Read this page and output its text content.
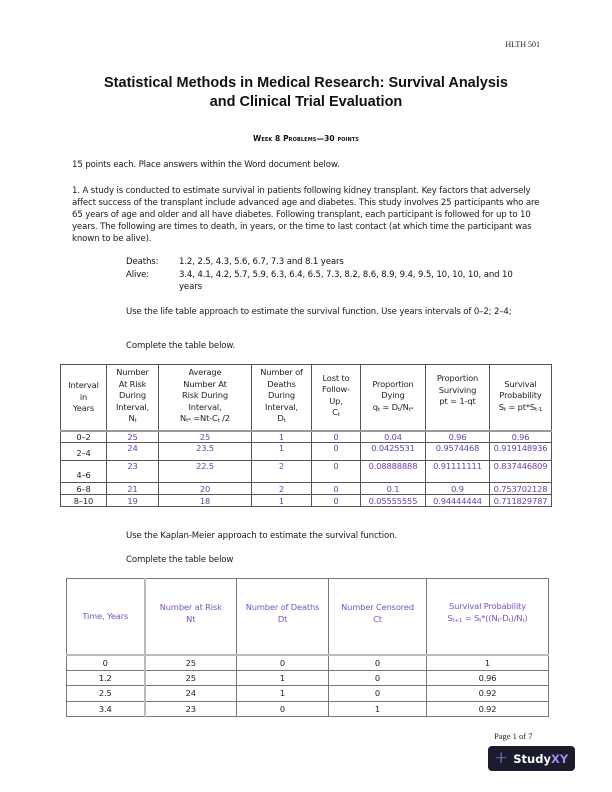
HLTH 501
Statistical Methods in Medical Research: Survival Analysis
and Clinical Trial Evaluation
Week 8 Problems—30 points
15 points each. Place answers within the Word document below.
1. A study is conducted to estimate survival in patients following kidney transplant. Key factors that adversely affect success of the transplant include advanced age and diabetes. This study involves 25 participants who are 65 years of age and older and all have diabetes. Following transplant, each participant is followed for up to 10 years. The following are times to death, in years, or the time to last contact (at which time the participant was known to be alive).
Deaths:	1.2, 2.5, 4.3, 5.6, 6.7, 7.3 and 8.1 years
Alive:	3.4, 4.1, 4.2, 5.7, 5.9, 6.3, 6.4, 6.5, 7.3, 8.2, 8.6, 8.9, 9.4, 9.5, 10, 10, 10, and 10 years
Use the life table approach to estimate the survival function. Use years intervals of 0–2; 2–4;
Complete the table below.
Interval
in
Years	Number
At Risk
During
Interval,
$N_t$	Average
Number At
Risk During
Interval,
$N_{t*} =Nt-C_t$ /2	Number of
Deaths
During
Interval,
$D_t$	Lost to
Follow-
Up,
$C_t$	Proportion
Dying
$q_t = D_t/N_{t*}$	Proportion
Surviving
pt = 1-qt	Survival
Probability
$S_t = pt*S_{t-1}$
0–2	25	25	1	0	0.04	0.96	0.96
2–4	24	23.5	1	0	0.0425531	0.9574468	0.919148936
4–6	23	22.5	2	0	0.08888888	0.91111111	0.837446809
6–8	21	20	2	0	0.1	0.9	0.753702128
8–10	19	18	1	0	0.05555555	0.94444444	0.711829787
Use the Kaplan-Meier approach to estimate the survival function.
Complete the table below
Time, Years	Number at Risk
Nt	Number of Deaths
Dt	Number Censored
Ct	Survival Probability
$S_{t+1} = S_t*((N_t-D_t)/N_t)$
0	25	0	0	1
1.2	25	1	0	0.96
2.5	24	1	0	0.92
3.4	23	0	1	0.92
Page 1 of 7
+ StudyXY
